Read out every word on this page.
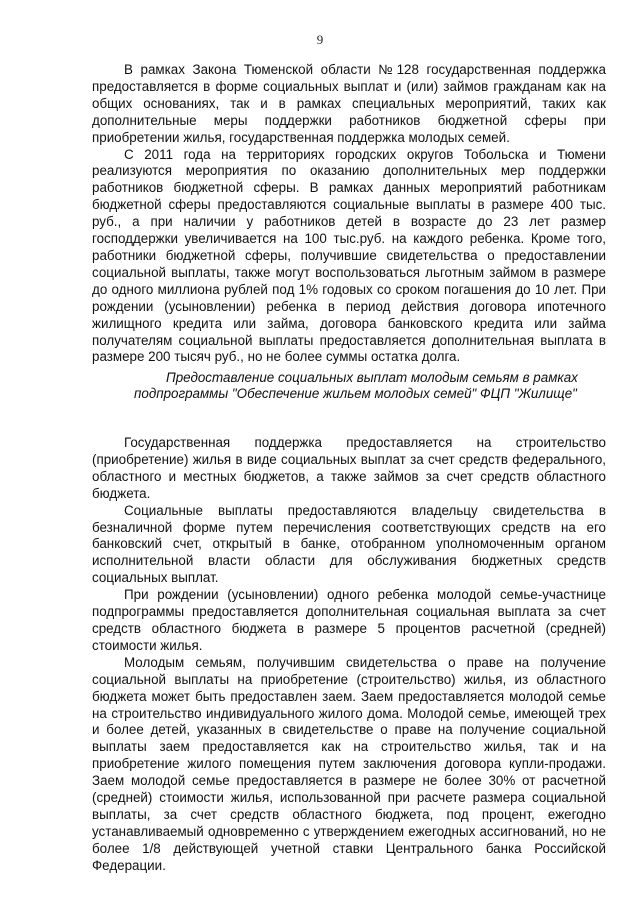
9

В рамках Закона Тюменской области №128 государственная поддержка предоставляется в форме социальных выплат и (или) займов гражданам как на общих основаниях, так и в рамках специальных мероприятий, таких как дополнительные меры поддержки работников бюджетной сферы при приобретении жилья, государственная поддержка молодых семей.

С 2011 года на территориях городских округов Тобольска и Тюмени реализуются мероприятия по оказанию дополнительных мер поддержки работников бюджетной сферы. В рамках данных мероприятий работникам бюджетной сферы предоставляются социальные выплаты в размере 400 тыс. руб., а при наличии у работников детей в возрасте до 23 лет размер господдержки увеличивается на 100 тыс.руб. на каждого ребенка. Кроме того, работники бюджетной сферы, получившие свидетельства о предоставлении социальной выплаты, также могут воспользоваться льготным займом в размере до одного миллиона рублей под 1% годовых со сроком погашения до 10 лет. При рождении (усыновлении) ребенка в период действия договора ипотечного жилищного кредита или займа, договора банковского кредита или займа получателям социальной выплаты предоставляется дополнительная выплата в размере 200 тысяч руб., но не более суммы остатка долга.

Предоставление социальных выплат молодым семьям в рамках подпрограммы "Обеспечение жильем молодых семей" ФЦП "Жилище"

Государственная поддержка предоставляется на строительство (приобретение) жилья в виде социальных выплат за счет средств федерального, областного и местных бюджетов, а также займов за счет средств областного бюджета.

Социальные выплаты предоставляются владельцу свидетельства в безналичной форме путем перечисления соответствующих средств на его банковский счет, открытый в банке, отобранном уполномоченным органом исполнительной власти области для обслуживания бюджетных средств социальных выплат.

При рождении (усыновлении) одного ребенка молодой семье-участнице подпрограммы предоставляется дополнительная социальная выплата за счет средств областного бюджета в размере 5 процентов расчетной (средней) стоимости жилья.

Молодым семьям, получившим свидетельства о праве на получение социальной выплаты на приобретение (строительство) жилья, из областного бюджета может быть предоставлен заем. Заем предоставляется молодой семье на строительство индивидуального жилого дома. Молодой семье, имеющей трех и более детей, указанных в свидетельстве о праве на получение социальной выплаты заем предоставляется как на строительство жилья, так и на приобретение жилого помещения путем заключения договора купли-продажи. Заем молодой семье предоставляется в размере не более 30% от расчетной (средней) стоимости жилья, использованной при расчете размера социальной выплаты, за счет средств областного бюджета, под процент, ежегодно устанавливаемый одновременно с утверждением ежегодных ассигнований, но не более 1/8 действующей учетной ставки Центрального банка Российской Федерации.
